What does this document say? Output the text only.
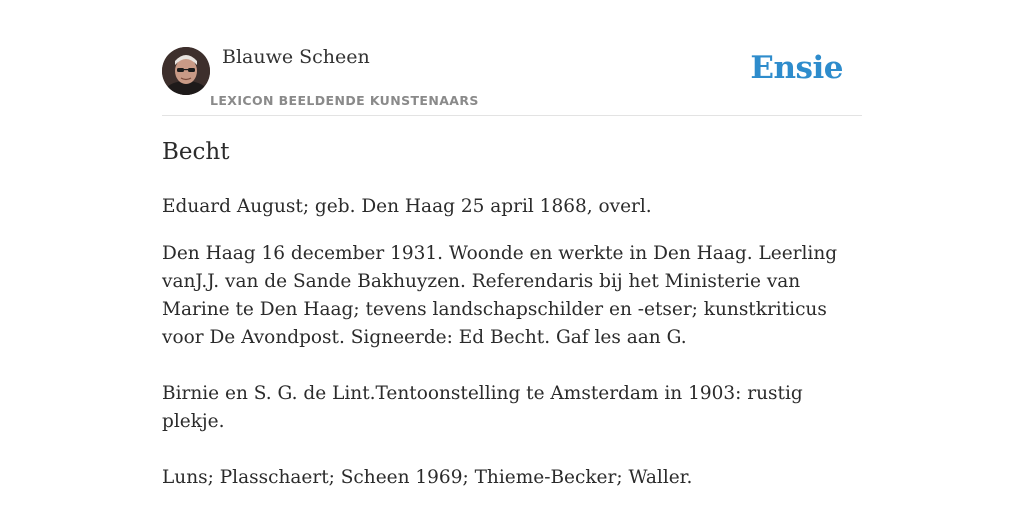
Blauwe Scheen
LEXICON BEELDENDE KUNSTENAARS
Ensie
Becht

Eduard August; geb. Den Haag 25 april 1868, overl.

Den Haag 16 december 1931. Woonde en werkte in Den Haag. Leerling vanJ.J. van de Sande Bakhuyzen. Referendaris bij het Ministerie van Marine te Den Haag; tevens landschapschilder en -etser; kunstkriticus voor De Avondpost. Signeerde: Ed Becht. Gaf les aan G.

Birnie en S. G. de Lint.Tentoonstelling te Amsterdam in 1903: rustig plekje.

Luns; Plasschaert; Scheen 1969; Thieme-Becker; Waller.
